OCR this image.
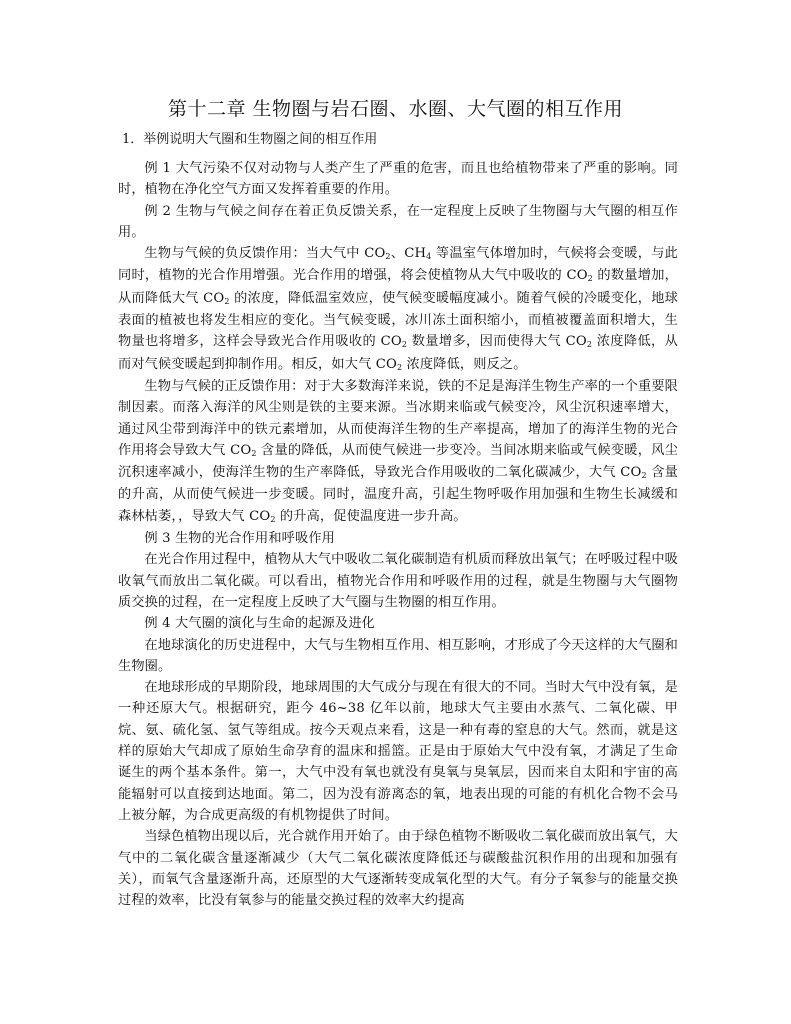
第十二章 生物圈与岩石圈、水圈、大气圈的相互作用
1．举例说明大气圈和生物圈之间的相互作用

例 1 大气污染不仅对动物与人类产生了严重的危害，而且也给植物带来了严重的影响。同时，植物在净化空气方面又发挥着重要的作用。

例 2 生物与气候之间存在着正负反馈关系，在一定程度上反映了生物圈与大气圈的相互作用。

生物与气候的负反馈作用：当大气中 $CO_2$、$CH_4$ 等温室气体增加时，气候将会变暖，与此同时，植物的光合作用增强。光合作用的增强，将会使植物从大气中吸收的 $CO_2$ 的数量增加，从而降低大气 $CO_2$ 的浓度，降低温室效应，使气候变暖幅度减小。随着气候的冷暖变化，地球表面的植被也将发生相应的变化。当气候变暖，冰川冻土面积缩小，而植被覆盖面积增大，生物量也将增多，这样会导致光合作用吸收的 $CO_2$ 数量增多，因而使得大气 $CO_2$ 浓度降低，从而对气候变暖起到抑制作用。相反，如大气 $CO_2$ 浓度降低，则反之。

生物与气候的正反馈作用：对于大多数海洋来说，铁的不足是海洋生物生产率的一个重要限制因素。而落入海洋的风尘则是铁的主要来源。当冰期来临或气候变冷，风尘沉积速率增大，通过风尘带到海洋中的铁元素增加，从而使海洋生物的生产率提高，增加了的海洋生物的光合作用将会导致大气 $CO_2$ 含量的降低，从而使气候进一步变冷。当间冰期来临或气候变暖，风尘沉积速率减小，使海洋生物的生产率降低，导致光合作用吸收的二氧化碳减少，大气 $CO_2$ 含量的升高，从而使气候进一步变暖。同时，温度升高，引起生物呼吸作用加强和生物生长减缓和森林枯萎，，导致大气 $CO_2$ 的升高，促使温度进一步升高。

例 3 生物的光合作用和呼吸作用

在光合作用过程中，植物从大气中吸收二氧化碳制造有机质而释放出氧气；在呼吸过程中吸收氧气而放出二氧化碳。可以看出，植物光合作用和呼吸作用的过程，就是生物圈与大气圈物质交换的过程，在一定程度上反映了大气圈与生物圈的相互作用。

例 4 大气圈的演化与生命的起源及进化

在地球演化的历史进程中，大气与生物相互作用、相互影响，才形成了今天这样的大气圈和生物圈。

在地球形成的早期阶段，地球周围的大气成分与现在有很大的不同。当时大气中没有氧，是一种还原大气。根据研究，距今 46~38 亿年以前，地球大气主要由水蒸气、二氧化碳、甲烷、氨、硫化氢、氢气等组成。按今天观点来看，这是一种有毒的窒息的大气。然而，就是这样的原始大气却成了原始生命孕育的温床和摇篮。正是由于原始大气中没有氧，才满足了生命诞生的两个基本条件。第一，大气中没有氧也就没有臭氧与臭氧层，因而来自太阳和宇宙的高能辐射可以直接到达地面。第二，因为没有游离态的氧，地表出现的可能的有机化合物不会马上被分解，为合成更高级的有机物提供了时间。

当绿色植物出现以后，光合就作用开始了。由于绿色植物不断吸收二氧化碳而放出氧气，大气中的二氧化碳含量逐渐减少（大气二氧化碳浓度降低还与碳酸盐沉积作用的出现和加强有关），而氧气含量逐渐升高，还原型的大气逐渐转变成氧化型的大气。有分子氧参与的能量交换过程的效率，比没有氧参与的能量交换过程的效率大约提高
